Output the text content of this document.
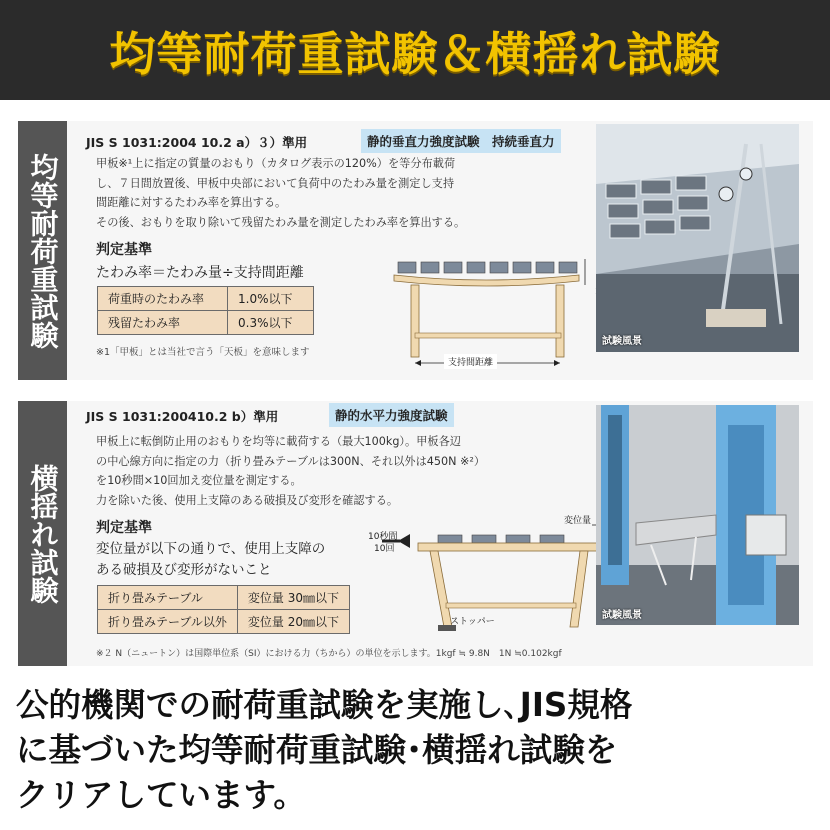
均等耐荷重試験＆横揺れ試験
均等耐荷重試験
JIS S 1031:2004 10.2 a）３）準用	静的垂直力強度試験　持続垂直力
甲板※¹上に指定の質量のおもり（カタログ表示の120%）を等分布載荷
し、７日間放置後、甲板中央部において負荷中のたわみ量を測定し支持
間距離に対するたわみ率を算出する。
その後、おもりを取り除いて残留たわみ量を測定したわみ率を算出する。
判定基準
たわみ率＝たわみ量÷支持間距離
荷重時のたわみ率	1.0%以下
残留たわみ率	0.3%以下
※1「甲板」とは当社で言う「天板」を意味します
支持間距離
試験風景
横揺れ試験
JIS S 1031:200410.2 b）準用	静的水平力強度試験
甲板上に転倒防止用のおもりを均等に載荷する（最大100kg）。甲板各辺
の中心線方向に指定の力（折り畳みテーブルは300N、それ以外は450N ※²）
を10秒間×10回加え変位量を測定する。
力を除いた後、使用上支障のある破損及び変形を確認する。
判定基準
変位量が以下の通りで、使用上支障の
ある破損及び変形がないこと
折り畳みテーブル	変位量 30㎜以下
折り畳みテーブル以外	変位量 20㎜以下
※２ N（ニュートン）は国際単位系（SI）における力（ちから）の単位を示します。1kgf ≒ 9.8N　1N ≒0.102kgf
10秒間
10回
変位量
ストッパー
試験風景
公的機関での耐荷重試験を実施し､JIS規格
に基づいた均等耐荷重試験･横揺れ試験を
クリアしています。
